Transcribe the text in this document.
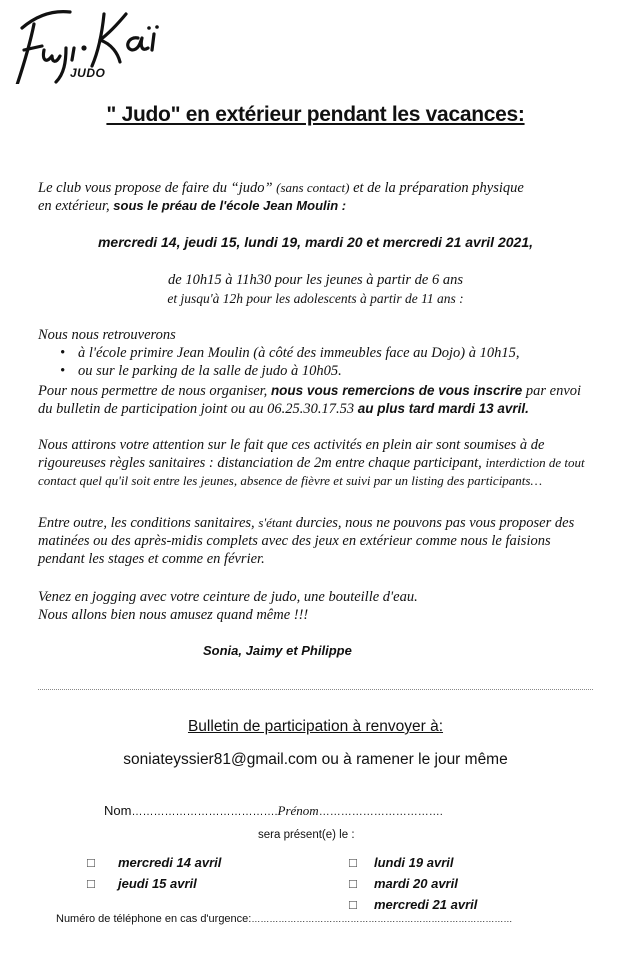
JUDO
" Judo" en extérieur pendant les vacances:
Le club vous propose de faire du “judo” (sans contact) et de la préparation physique
en extérieur, sous le préau de l'école Jean Moulin :
mercredi 14, jeudi 15, lundi 19, mardi 20 et mercredi 21 avril 2021,
de 10h15 à 11h30 pour les jeunes à partir de 6 ans
et jusqu'à 12h pour les adolescents à partir de 11 ans :
Nous nous retrouverons
• à l'école primire Jean Moulin (à côté des immeubles face au Dojo) à 10h15,
• ou sur le parking de la salle de judo à 10h05.
Pour nous permettre de nous organiser, nous vous remercions de vous inscrire par envoi du bulletin de participation joint ou au 06.25.30.17.53 au plus tard mardi 13 avril.
Nous attirons votre attention sur le fait que ces activités en plein air sont soumises à de rigoureuses règles sanitaires : distanciation de 2m entre chaque participant, interdiction de tout contact quel qu'il soit entre les jeunes, absence de fièvre et suivi par un listing des participants…
Entre outre, les conditions sanitaires, s'étant durcies, nous ne pouvons pas vous proposer des matinées ou des après-midis complets avec des jeux en extérieur comme nous le faisions pendant les stages et comme en février.
Venez en jogging avec votre ceinture de judo, une bouteille d'eau.
Nous allons bien nous amusez quand même !!!
Sonia, Jaimy et Philippe
Bulletin de participation à renvoyer à:
soniateyssier81@gmail.com ou à ramener le jour même
Nom………………………………….Prénom…………………………….
sera présent(e) le :
☐ mercredi 14 avril
☐ jeudi 15 avril
☐ lundi 19 avril
☐ mardi 20 avril
☐ mercredi 21 avril
Numéro de téléphone en cas d'urgence:……………………………………………………………………………
